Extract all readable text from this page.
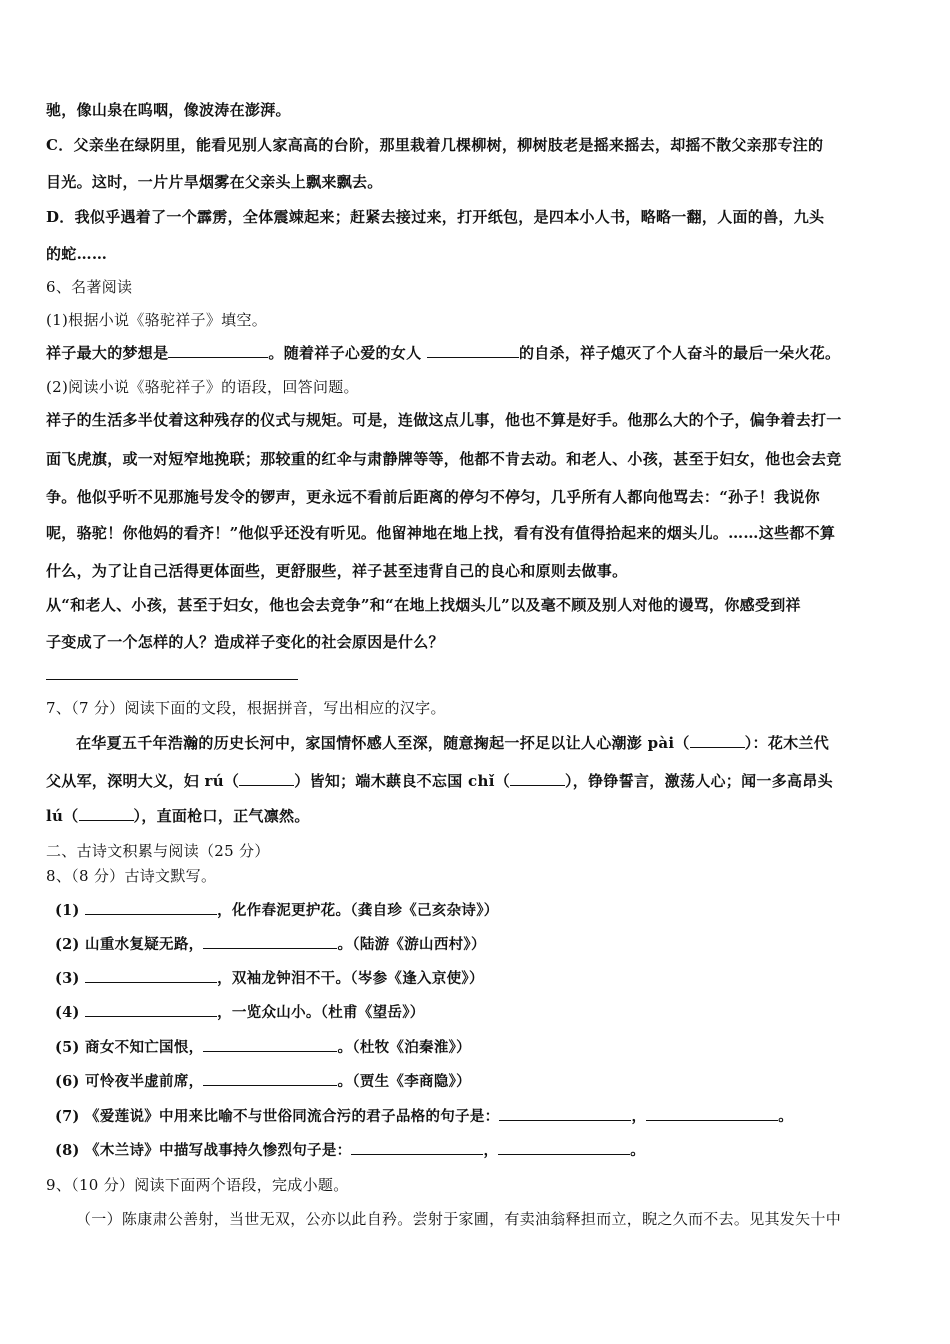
驰，像山泉在呜咽，像波涛在澎湃。
C．父亲坐在绿阴里，能看见别人家高高的台阶，那里栽着几棵柳树，柳树肢老是摇来摇去，却摇不散父亲那专注的
目光。这时，一片片旱烟雾在父亲头上飘来飘去。
D．我似乎遇着了一个霹雳，全体震竦起来；赶紧去接过来，打开纸包，是四本小人书，略略一翻，人面的兽，九头
的蛇……
6、名著阅读
(1)根据小说《骆驼祥子》填空。
祥子最大的梦想是	。随着祥子心爱的女人	的自杀，祥子熄灭了个人奋斗的最后一朵火花。
(2)阅读小说《骆驼祥子》的语段，回答问题。
祥子的生活多半仗着这种残存的仪式与规矩。可是，连做这点儿事，他也不算是好手。他那么大的个子，偏争着去打一
面飞虎旗，或一对短窄地挽联；那较重的红伞与肃静牌等等，他都不肯去动。和老人、小孩，甚至于妇女，他也会去竞
争。他似乎听不见那施号发令的锣声，更永远不看前后距离的停匀不停匀，几乎所有人都向他骂去：“孙子！我说你
呢，骆驼！你他妈的看齐！”他似乎还没有听见。他留神地在地上找，看有没有值得拾起来的烟头儿。……这些都不算
什么，为了让自己活得更体面些，更舒服些，祥子甚至违背自己的良心和原则去做事。
从“和老人、小孩，甚至于妇女，他也会去竞争”和“在地上找烟头儿”以及毫不顾及别人对他的谩骂，你感受到祥
子变成了一个怎样的人？造成祥子变化的社会原因是什么？
7、（7 分）阅读下面的文段，根据拼音，写出相应的汉字。
在华夏五千年浩瀚的历史长河中，家国情怀感人至深，随意掬起一抔足以让人心潮澎 pài（	）：花木兰代
父从军，深明大义，妇 rú（	）皆知；端木蕻良不忘国 chǐ（	），铮铮誓言，激荡人心；闻一多高昂头
lú（	），直面枪口，正气凛然。
二、古诗文积累与阅读（25 分）
8、（8 分）古诗文默写。
(1)	，化作春泥更护花。（龚自珍《己亥杂诗》）
(2) 山重水复疑无路，	。（陆游《游山西村》）
(3)	，双袖龙钟泪不干。（岑参《逢入京使》）
(4)	，一览众山小。（杜甫《望岳》）
(5) 商女不知亡国恨，	。（杜牧《泊秦淮》）
(6) 可怜夜半虚前席，	。（贾生《李商隐》）
(7) 《爱莲说》中用来比喻不与世俗同流合污的君子品格的句子是：	，	。
(8) 《木兰诗》中描写战事持久惨烈句子是：	，	。
9、（10 分）阅读下面两个语段，完成小题。
（一）陈康肃公善射，当世无双，公亦以此自矜。尝射于家圃，有卖油翁释担而立，睨之久而不去。见其发矢十中
